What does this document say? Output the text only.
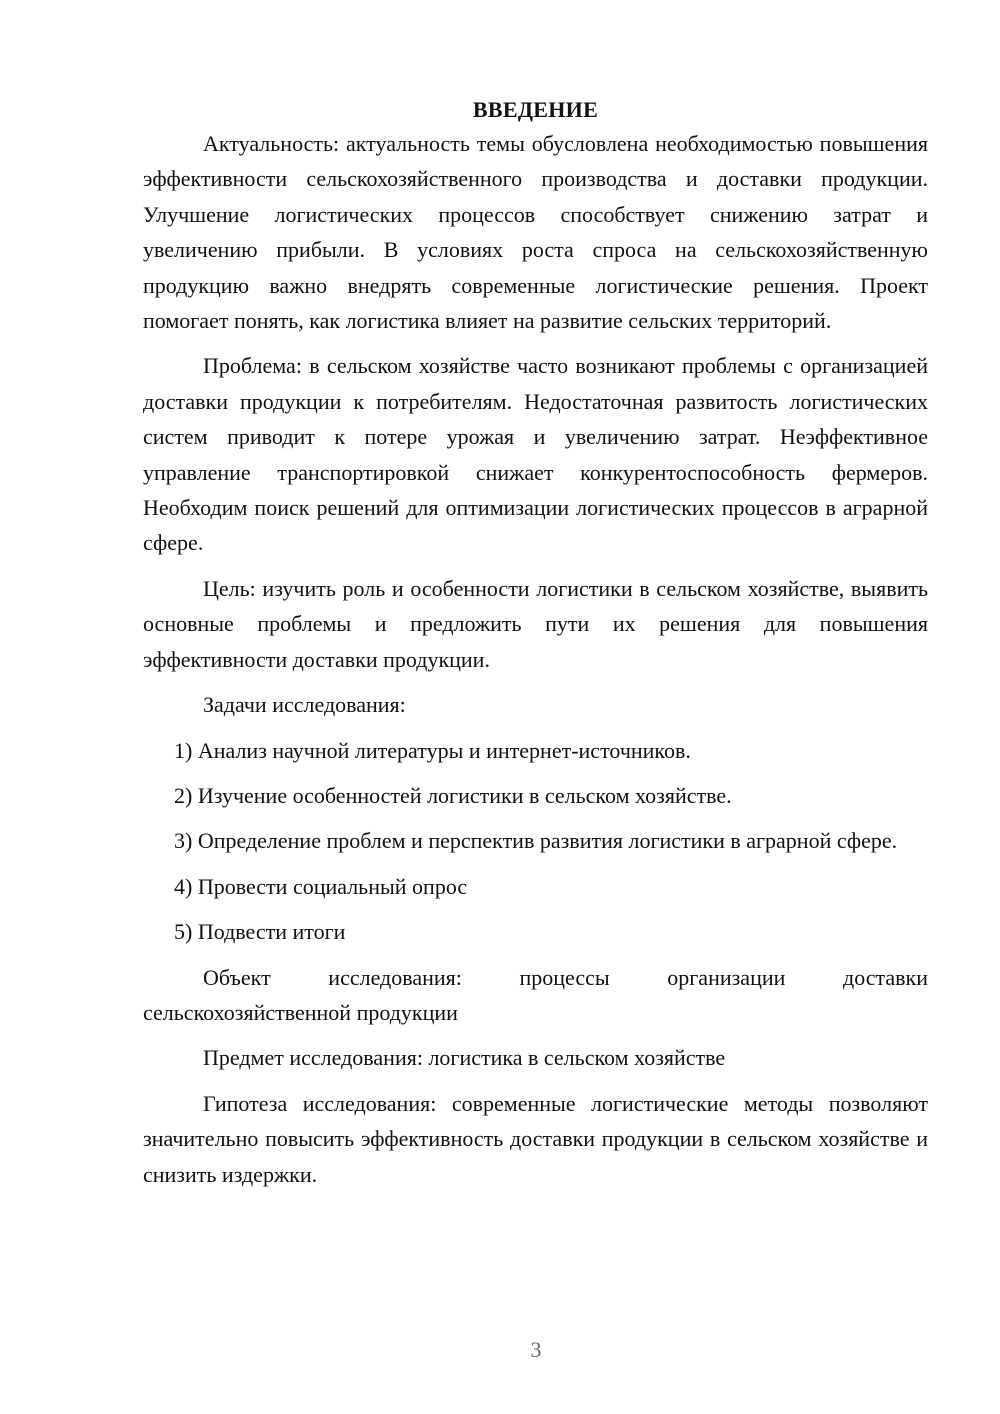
ВВЕДЕНИЕ

Актуальность: актуальность темы обусловлена необходимостью повышения эффективности сельскохозяйственного производства и доставки продукции. Улучшение логистических процессов способствует снижению затрат и увеличению прибыли. В условиях роста спроса на сельскохозяйственную продукцию важно внедрять современные логистические решения. Проект помогает понять, как логистика влияет на развитие сельских территорий.

Проблема: в сельском хозяйстве часто возникают проблемы с организацией доставки продукции к потребителям. Недостаточная развитость логистических систем приводит к потере урожая и увеличению затрат. Неэффективное управление транспортировкой снижает конкурентоспособность фермеров. Необходим поиск решений для оптимизации логистических процессов в аграрной сфере.

Цель: изучить роль и особенности логистики в сельском хозяйстве, выявить основные проблемы и предложить пути их решения для повышения эффективности доставки продукции.

Задачи исследования:

1) Анализ научной литературы и интернет-источников.

2) Изучение особенностей логистики в сельском хозяйстве.

3) Определение проблем и перспектив развития логистики в аграрной сфере.

4) Провести социальный опрос

5) Подвести итоги

Объект исследования: процессы организации доставки сельскохозяйственной продукции

Предмет исследования: логистика в сельском хозяйстве

Гипотеза исследования: современные логистические методы позволяют значительно повысить эффективность доставки продукции в сельском хозяйстве и снизить издержки.

3
